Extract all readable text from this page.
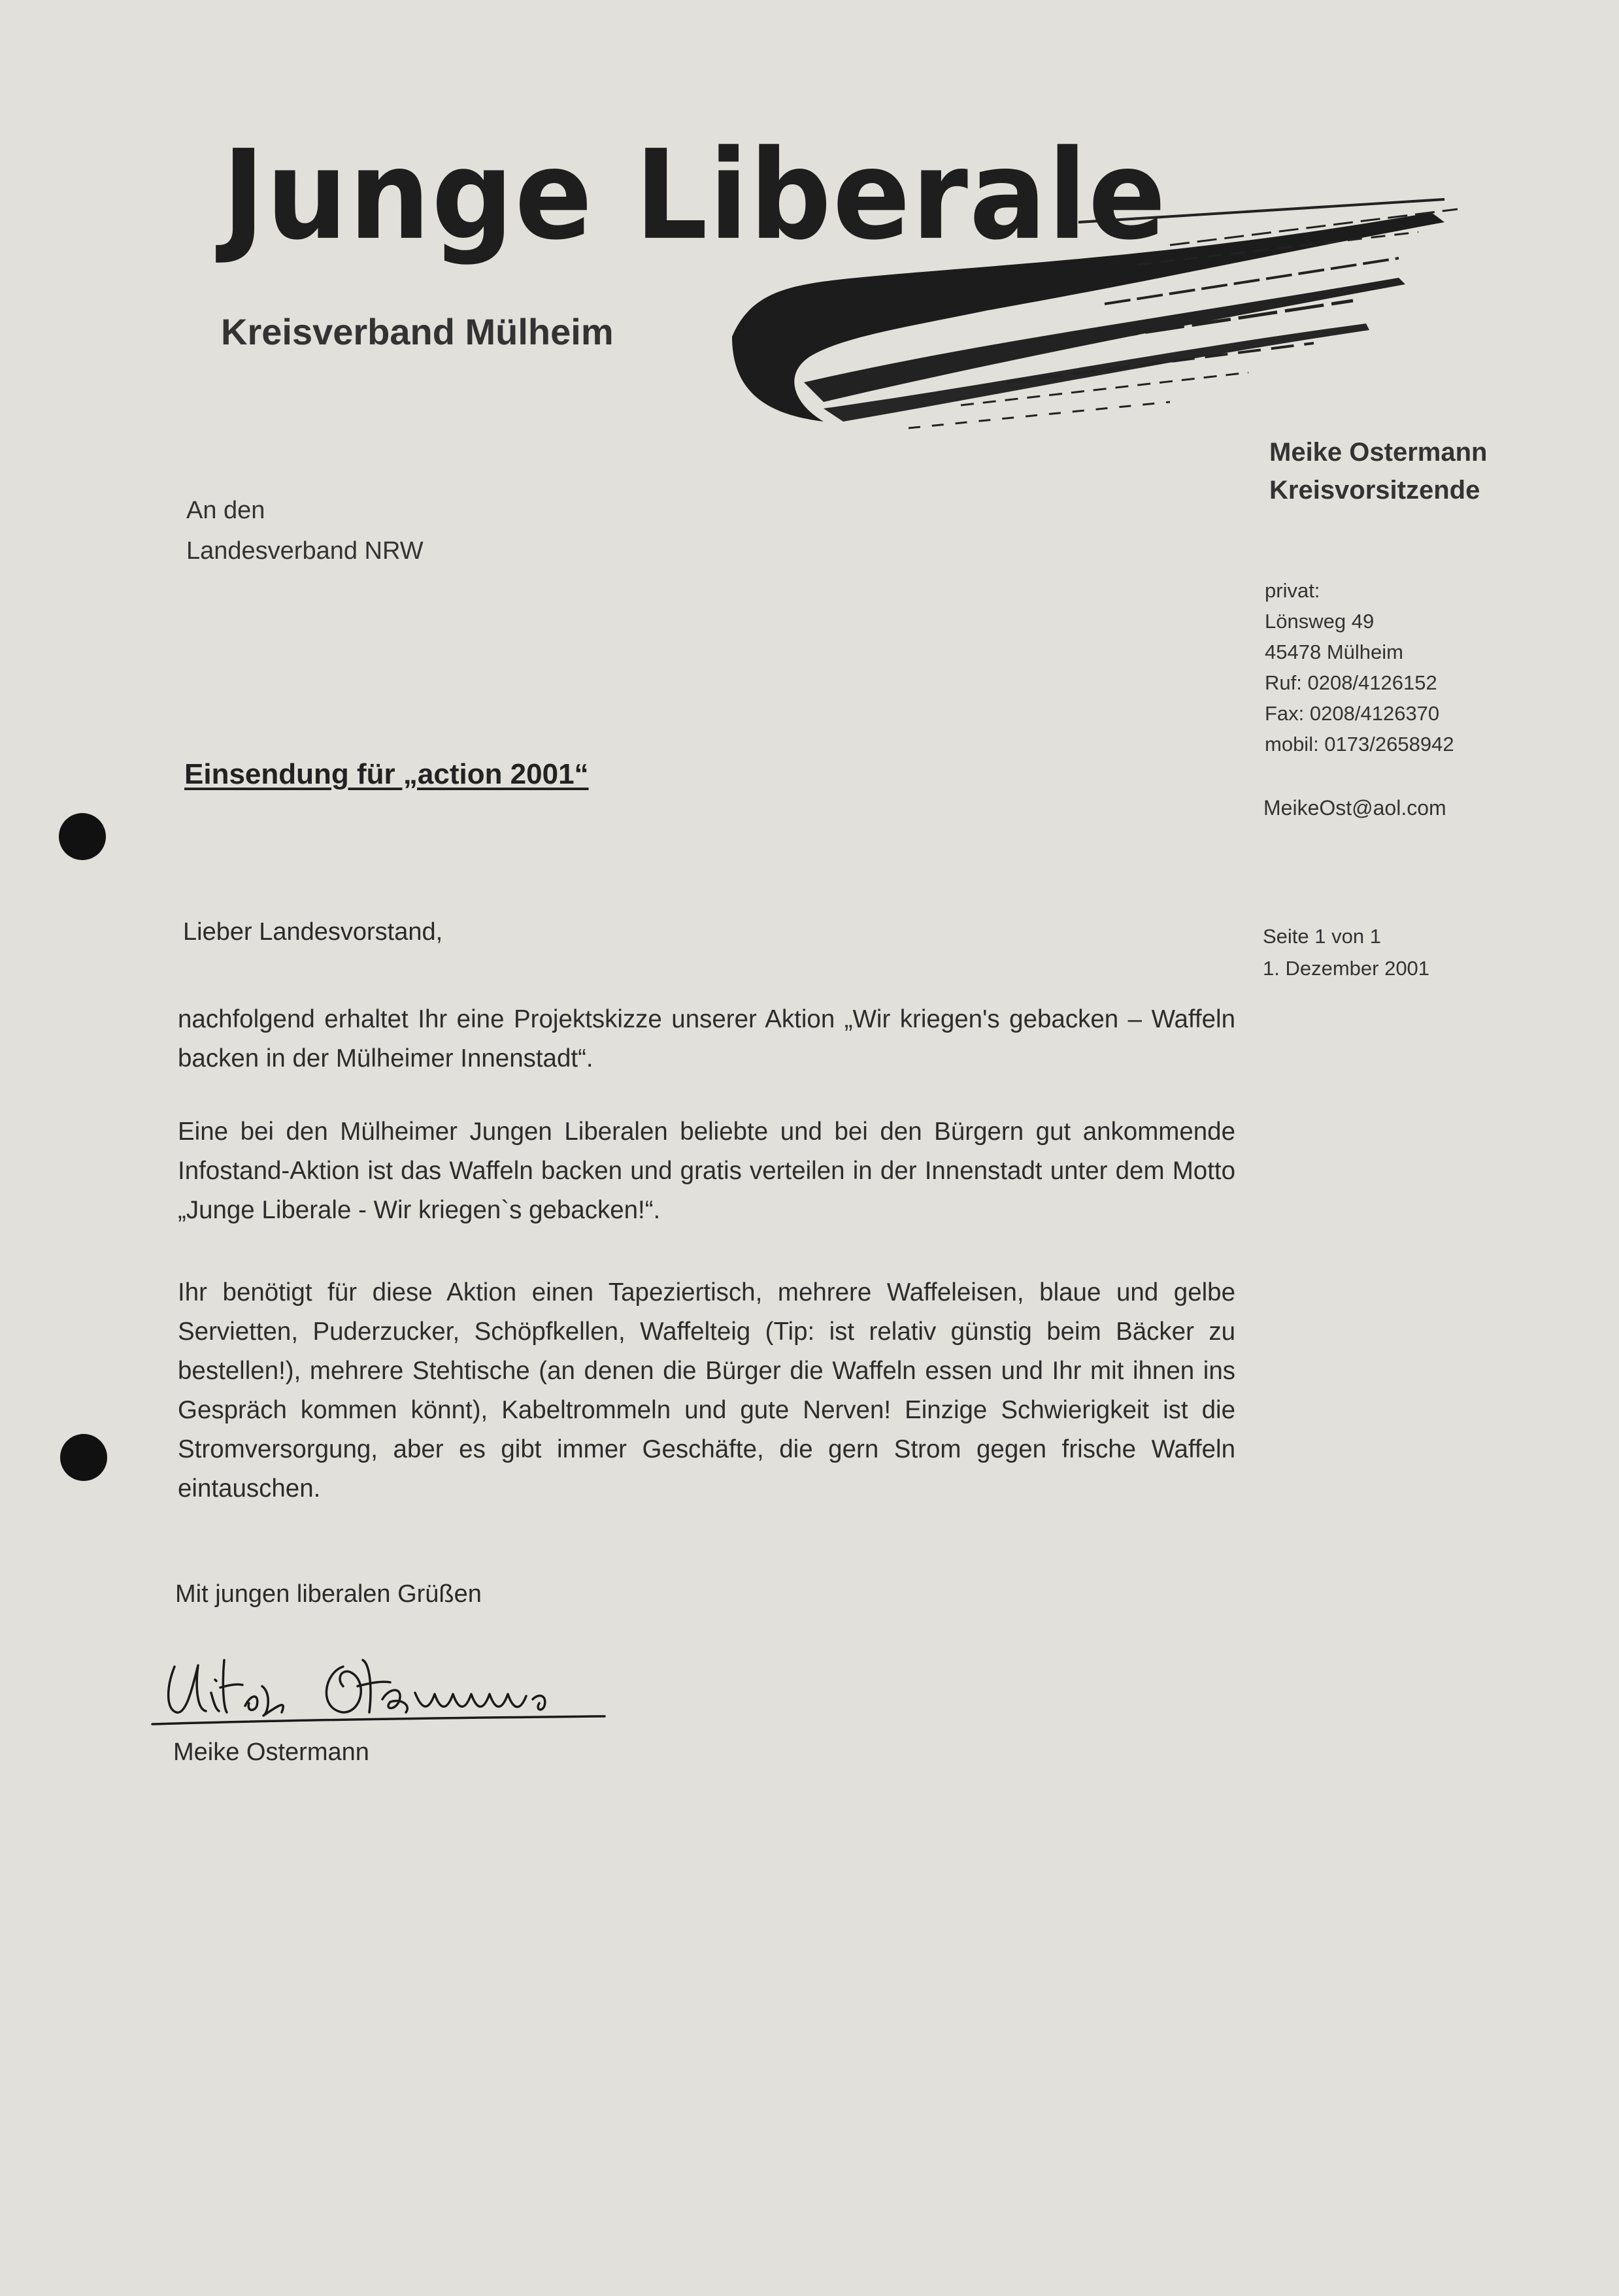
Junge Liberale
Kreisverband Mülheim
Meike Ostermann
Kreisvorsitzende
privat:
Lönsweg 49
45478 Mülheim
Ruf: 0208/4126152
Fax: 0208/4126370
mobil: 0173/2658942
MeikeOst@aol.com
Seite 1 von 1
1. Dezember 2001
An den
Landesverband NRW
Einsendung für „action 2001“
Lieber Landesvorstand,
nachfolgend erhaltet Ihr eine Projektskizze unserer Aktion „Wir kriegen's gebacken – Waffeln backen in der Mülheimer Innenstadt“.
Eine bei den Mülheimer Jungen Liberalen beliebte und bei den Bürgern gut ankommende Infostand-Aktion ist das Waffeln backen und gratis verteilen in der Innenstadt unter dem Motto „Junge Liberale - Wir kriegen`s gebacken!“.
Ihr benötigt für diese Aktion einen Tapeziertisch, mehrere Waffeleisen, blaue und gelbe Servietten, Puderzucker, Schöpfkellen, Waffelteig (Tip: ist relativ günstig beim Bäcker zu bestellen!), mehrere Stehtische (an denen die Bürger die Waffeln essen und Ihr mit ihnen ins Gespräch kommen könnt), Kabeltrommeln und gute Nerven! Einzige Schwierigkeit ist die Stromversorgung, aber es gibt immer Geschäfte, die gern Strom gegen frische Waffeln eintauschen.
Mit jungen liberalen Grüßen
Meike Ostermann
